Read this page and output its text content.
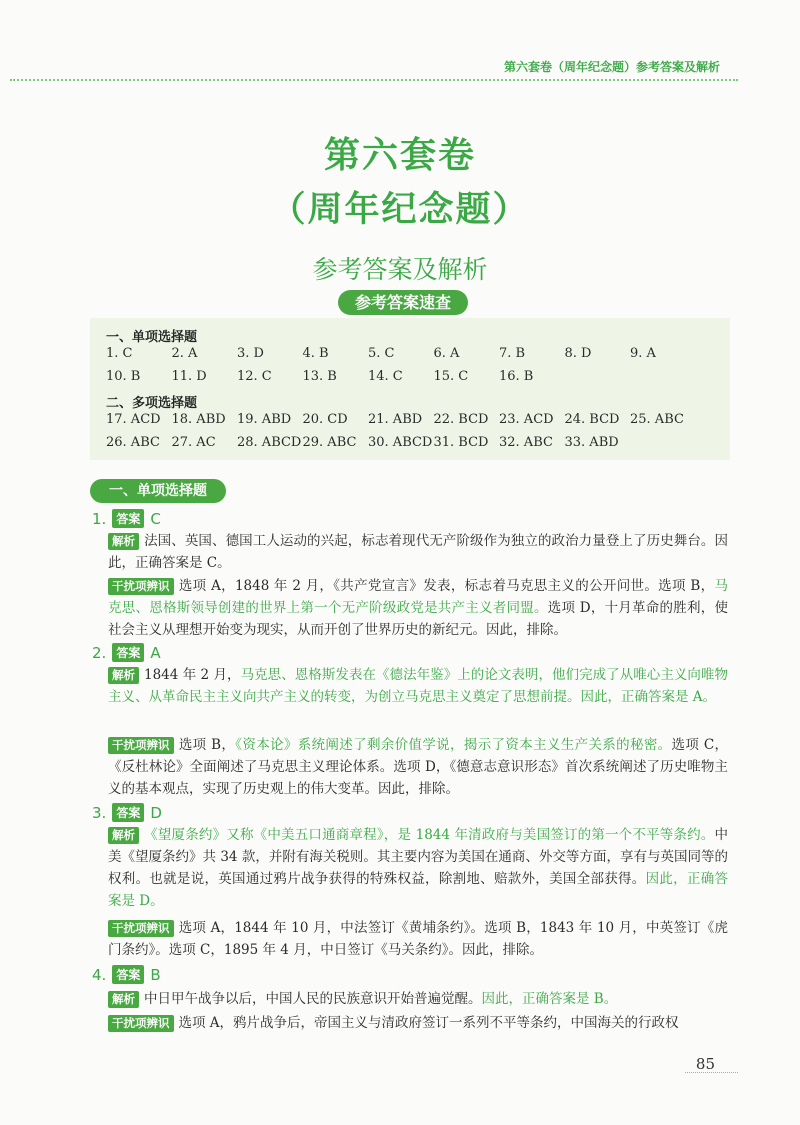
第六套卷（周年纪念题）参考答案及解析
第六套卷
（周年纪念题）
参考答案及解析
参考答案速查
一、单项选择题
1. C	2. A	3. D	4. B	5. C	6. A	7. B	8. D	9. A
10. B	11. D	12. C	13. B	14. C	15. C	16. B
二、多项选择题
17. ACD 18. ABD 19. ABD 20. CD	21. ABD 22. BCD 23. ACD 24. BCD 25. ABC
26. ABC 27. AC	28. ABCD 29. ABC 30. ABCD 31. BCD 32. ABC 33. ABD
一、单项选择题
1. 答案 C
解析 法国、英国、德国工人运动的兴起，标志着现代无产阶级作为独立的政治力量登上了历史舞台。因此，正确答案是 C。
干扰项辨识 选项 A，1848 年 2 月，《共产党宣言》发表，标志着马克思主义的公开问世。选项 B，马克思、恩格斯领导创建的世界上第一个无产阶级政党是共产主义者同盟。选项 D，十月革命的胜利，使社会主义从理想开始变为现实，从而开创了世界历史的新纪元。因此，排除。
2. 答案 A
解析 1844 年 2 月，马克思、恩格斯发表在《德法年鉴》上的论文表明，他们完成了从唯心主义向唯物主义、从革命民主主义向共产主义的转变，为创立马克思主义奠定了思想前提。因此，正确答案是 A。
干扰项辨识 选项 B，《资本论》系统阐述了剩余价值学说，揭示了资本主义生产关系的秘密。选项 C，《反杜林论》全面阐述了马克思主义理论体系。选项 D，《德意志意识形态》首次系统阐述了历史唯物主义的基本观点，实现了历史观上的伟大变革。因此，排除。
3. 答案 D
解析 《望厦条约》又称《中美五口通商章程》，是 1844 年清政府与美国签订的第一个不平等条约。中美《望厦条约》共 34 款，并附有海关税则。其主要内容为美国在通商、外交等方面，享有与英国同等的权利。也就是说，英国通过鸦片战争获得的特殊权益，除割地、赔款外，美国全部获得。因此，正确答案是 D。
干扰项辨识 选项 A，1844 年 10 月，中法签订《黄埔条约》。选项 B，1843 年 10 月，中英签订《虎门条约》。选项 C，1895 年 4 月，中日签订《马关条约》。因此，排除。
4. 答案 B
解析 中日甲午战争以后，中国人民的民族意识开始普遍觉醒。因此，正确答案是 B。
干扰项辨识 选项 A，鸦片战争后，帝国主义与清政府签订一系列不平等条约，中国海关的行政权
85
